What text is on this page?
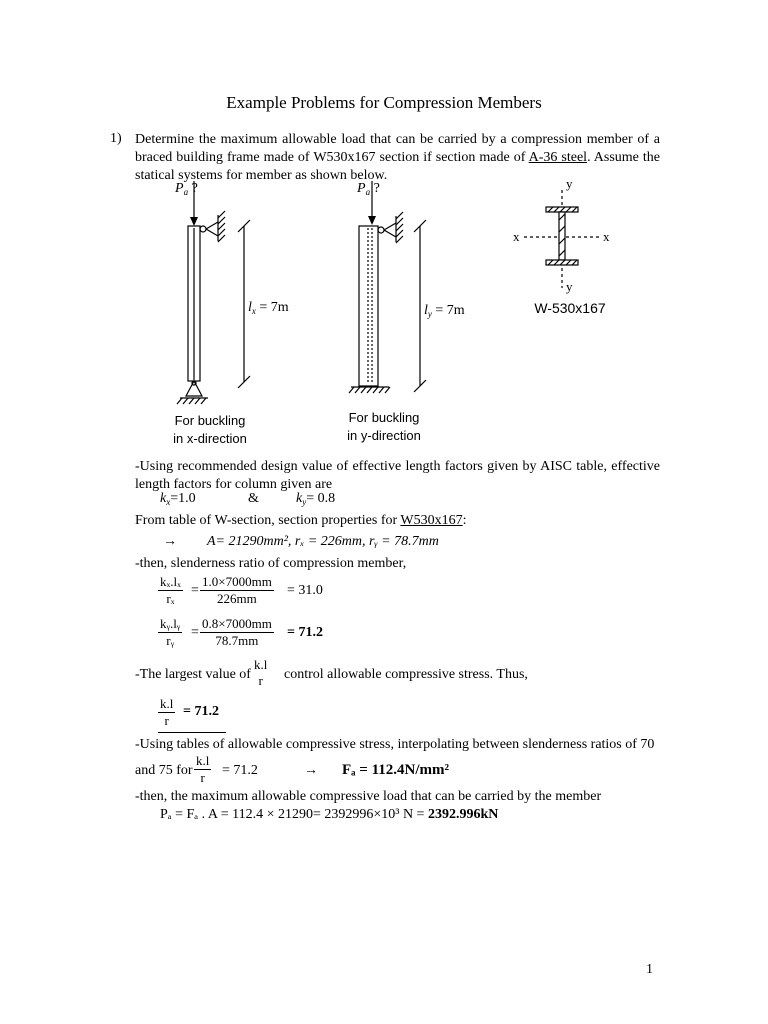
Example Problems for Compression Members
1) Determine the maximum allowable load that can be carried by a compression member of a braced building frame made of W530x167 section if section made of A-36 steel. Assume the statical systems for member as shown below.
$P_a$ ?	$P_a$ ?
$l_x = 7m$	$l_y = 7m$
For buckling
in x-direction
For buckling
in y-direction
y
y
x	x
W-530x167
-Using recommended design value of effective length factors given by AISC table, effective length factors for column given are
$k_x=1.0$	&	$k_y= 0.8$
From table of W-section, section properties for W530x167:
→ A= 21290mm², rₓ = 226mm, rᵧ = 78.7mm
-then, slenderness ratio of compression member,
$\frac{\text{kₓ.lₓ}}{\text{rₓ}} = \frac{1.0\times 7000mm}{226mm} = 31.0$
$\frac{\text{kᵧ.lᵧ}}{\text{rᵧ}} = \frac{0.8\times 7000mm}{78.7mm} = 71.2$
-The largest value of
k.l
r	control allowable compressive stress. Thus,
$\frac{k.l}{r} = 71.2$
-Using tables of allowable compressive stress, interpolating between slenderness ratios of 70
and 75 for $\frac{k.l}{r} = 71.2$	→ Fₐ = 112.4N/mm²
-then, the maximum allowable compressive load that can be carried by the member
Pₐ = Fₐ . A = 112.4 × 21290= 2392996×10³ N = 2392.996kN
1
